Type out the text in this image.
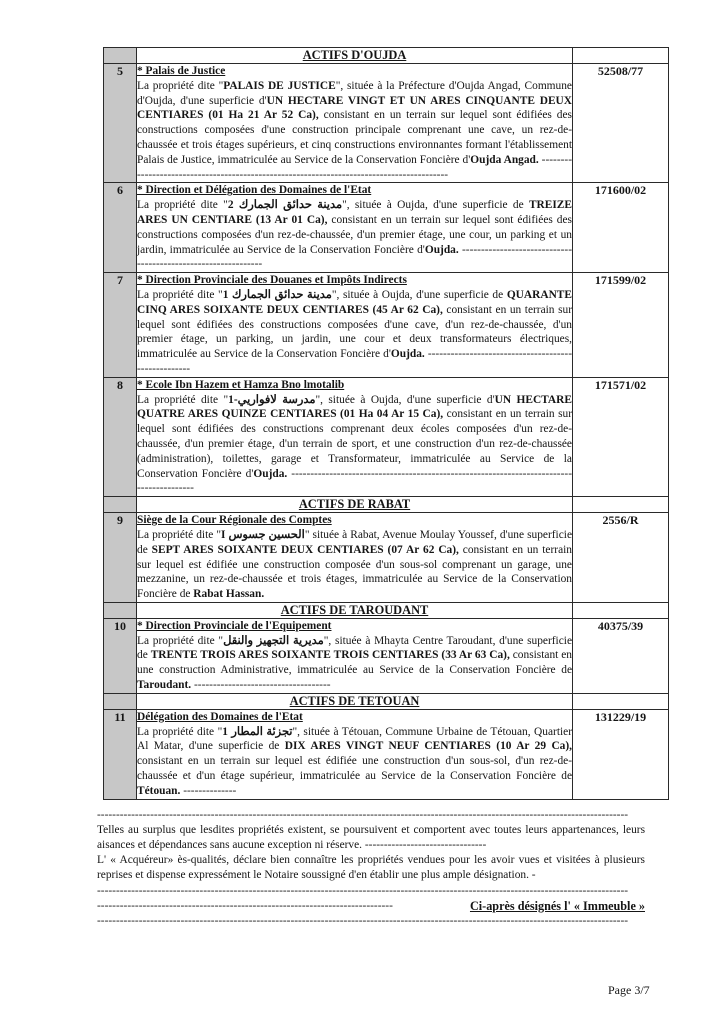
	ACTIFS D'OUJDA	
5	* Palais de Justice
La propriété dite "PALAIS DE JUSTICE", située à la Préfecture d'Oujda Angad, Commune d'Oujda, d'une superficie d'UN HECTARE VINGT ET UN ARES CINQUANTE DEUX CENTIARES (01 Ha 21 Ar 52 Ca), consistant en un terrain sur lequel sont édifiées des constructions composées d'une construction principale comprenant une cave, un rez-de-chaussée et trois étages supérieurs, et cinq constructions environnantes formant l'établissement Palais de Justice, immatriculée au Service de la Conservation Foncière d'Oujda Angad. ------------------------------------------------------------------------------------------	52508/77
6	* Direction et Délégation des Domaines de l'Etat
La propriété dite "مدينة حدائق الجمارك 2", située à Oujda, d'une superficie de TREIZE ARES UN CENTIARE (13 Ar 01 Ca), consistant en un terrain sur lequel sont édifiées des constructions composées d'un rez-de-chaussée, d'un premier étage, une cour, un parking et un jardin, immatriculée au Service de la Conservation Foncière d'Oujda. --------------------------------------------------------------	171600/02
7	* Direction Provinciale des Douanes et Impôts Indirects
La propriété dite "مدينة حدائق الجمارك 1", située à Oujda, d'une superficie de QUARANTE CINQ ARES SOIXANTE DEUX CENTIARES (45 Ar 62 Ca), consistant en un terrain sur lequel sont édifiées des constructions composées d'une cave, d'un rez-de-chaussée, d'un premier étage, un parking, un jardin, une cour et deux transformateurs électriques, immatriculée au Service de la Conservation Foncière d'Oujda. ----------------------------------------------------	171599/02
8	* Ecole Ibn Hazem et Hamza Bno lmotalib
La propriété dite "مدرسة لافواريي-1", située à Oujda, d'une superficie d'UN HECTARE QUATRE ARES QUINZE CENTIARES (01 Ha 04 Ar 15 Ca), consistant en un terrain sur lequel sont édifiées des constructions comprenant deux écoles composées d'un rez-de-chaussée, d'un premier étage, d'un terrain de sport, et une construction d'un rez-de-chaussée (administration), toilettes, garage et Transformateur, immatriculée au Service de la Conservation Foncière d'Oujda. -----------------------------------------------------------------------------------------	171571/02
	ACTIFS DE RABAT	
9	Siège de la Cour Régionale des Comptes
La propriété dite "I الحسين جسوس" située à Rabat, Avenue Moulay Youssef, d'une superficie de SEPT ARES SOIXANTE DEUX CENTIARES (07 Ar 62 Ca), consistant en un terrain sur lequel est édifiée une construction composée d'un sous-sol comprenant un garage, une mezzanine, un rez-de-chaussée et trois étages, immatriculée au Service de la Conservation Foncière de Rabat Hassan.	2556/R
	ACTIFS DE TAROUDANT	
10	* Direction Provinciale de l'Equipement
La propriété dite "مديرية التجهيز والنقل", située à Mhayta Centre Taroudant, d'une superficie de TRENTE TROIS ARES SOIXANTE TROIS CENTIARES (33 Ar 63 Ca), consistant en une construction Administrative, immatriculée au Service de la Conservation Foncière de Taroudant. ------------------------------------	40375/39
	ACTIFS DE TETOUAN	
11	Délégation des Domaines de l'Etat
La propriété dite "تجزئة المطار 1", située à Tétouan, Commune Urbaine de Tétouan, Quartier Al Matar, d'une superficie de DIX ARES VINGT NEUF CENTIARES (10 Ar 29 Ca), consistant en un terrain sur lequel est édifiée une construction d'un sous-sol, d'un rez-de-chaussée et d'un étage supérieur, immatriculée au Service de la Conservation Foncière de Tétouan. --------------	131229/19
--------------------------------------------------------------------------------------------------------------------------------------------
Telles au surplus que lesdites propriétés existent, se poursuivent et comportent avec toutes leurs appartenances, leurs aisances et dépendances sans aucune exception ni réserve. --------------------------------
L' « Acquéreur» ès-qualités, déclare bien connaître les propriétés vendues pour les avoir vues et visitées à plusieurs reprises et dispense expressément le Notaire soussigné d'en établir une plus ample désignation. -
--------------------------------------------------------------------------------------------------------------------------------------------
------------------------------------------------------------------------------	Ci-après désignés l' « Immeuble »
--------------------------------------------------------------------------------------------------------------------------------------------
Page 3/7
